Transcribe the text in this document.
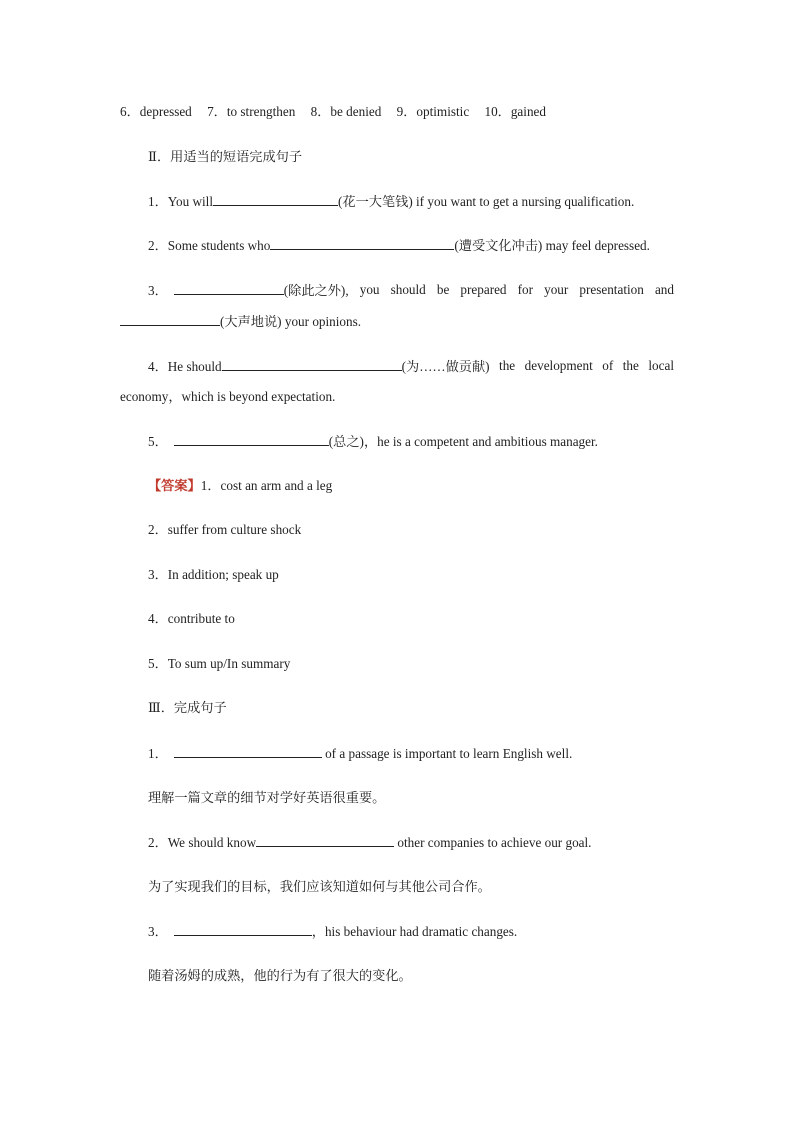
6．depressed 7．to strengthen 8．be denied 9．optimistic 10．gained
Ⅱ．用适当的短语完成句子
1．You will	(花一大笔钱) if you want to get a nursing qualification.
2．Some students who	(遭受文化冲击) may feel depressed.
3．	(除此之外), you should be prepared for your presentation and
(大声地说) your opinions.
4．He should	(为……做贡献) the development of the local
economy，which is beyond expectation.
5．	(总之)，he is a competent and ambitious manager.
【答案】1．cost an arm and a leg
2．suffer from culture shock
3．In addition; speak up
4．contribute to
5．To sum up/In summary
Ⅲ．完成句子
1．	of a passage is important to learn English well.
理解一篇文章的细节对学好英语很重要。
2．We should know	other companies to achieve our goal.
为了实现我们的目标，我们应该知道如何与其他公司合作。
3．	，his behaviour had dramatic changes.
随着汤姆的成熟，他的行为有了很大的变化。
